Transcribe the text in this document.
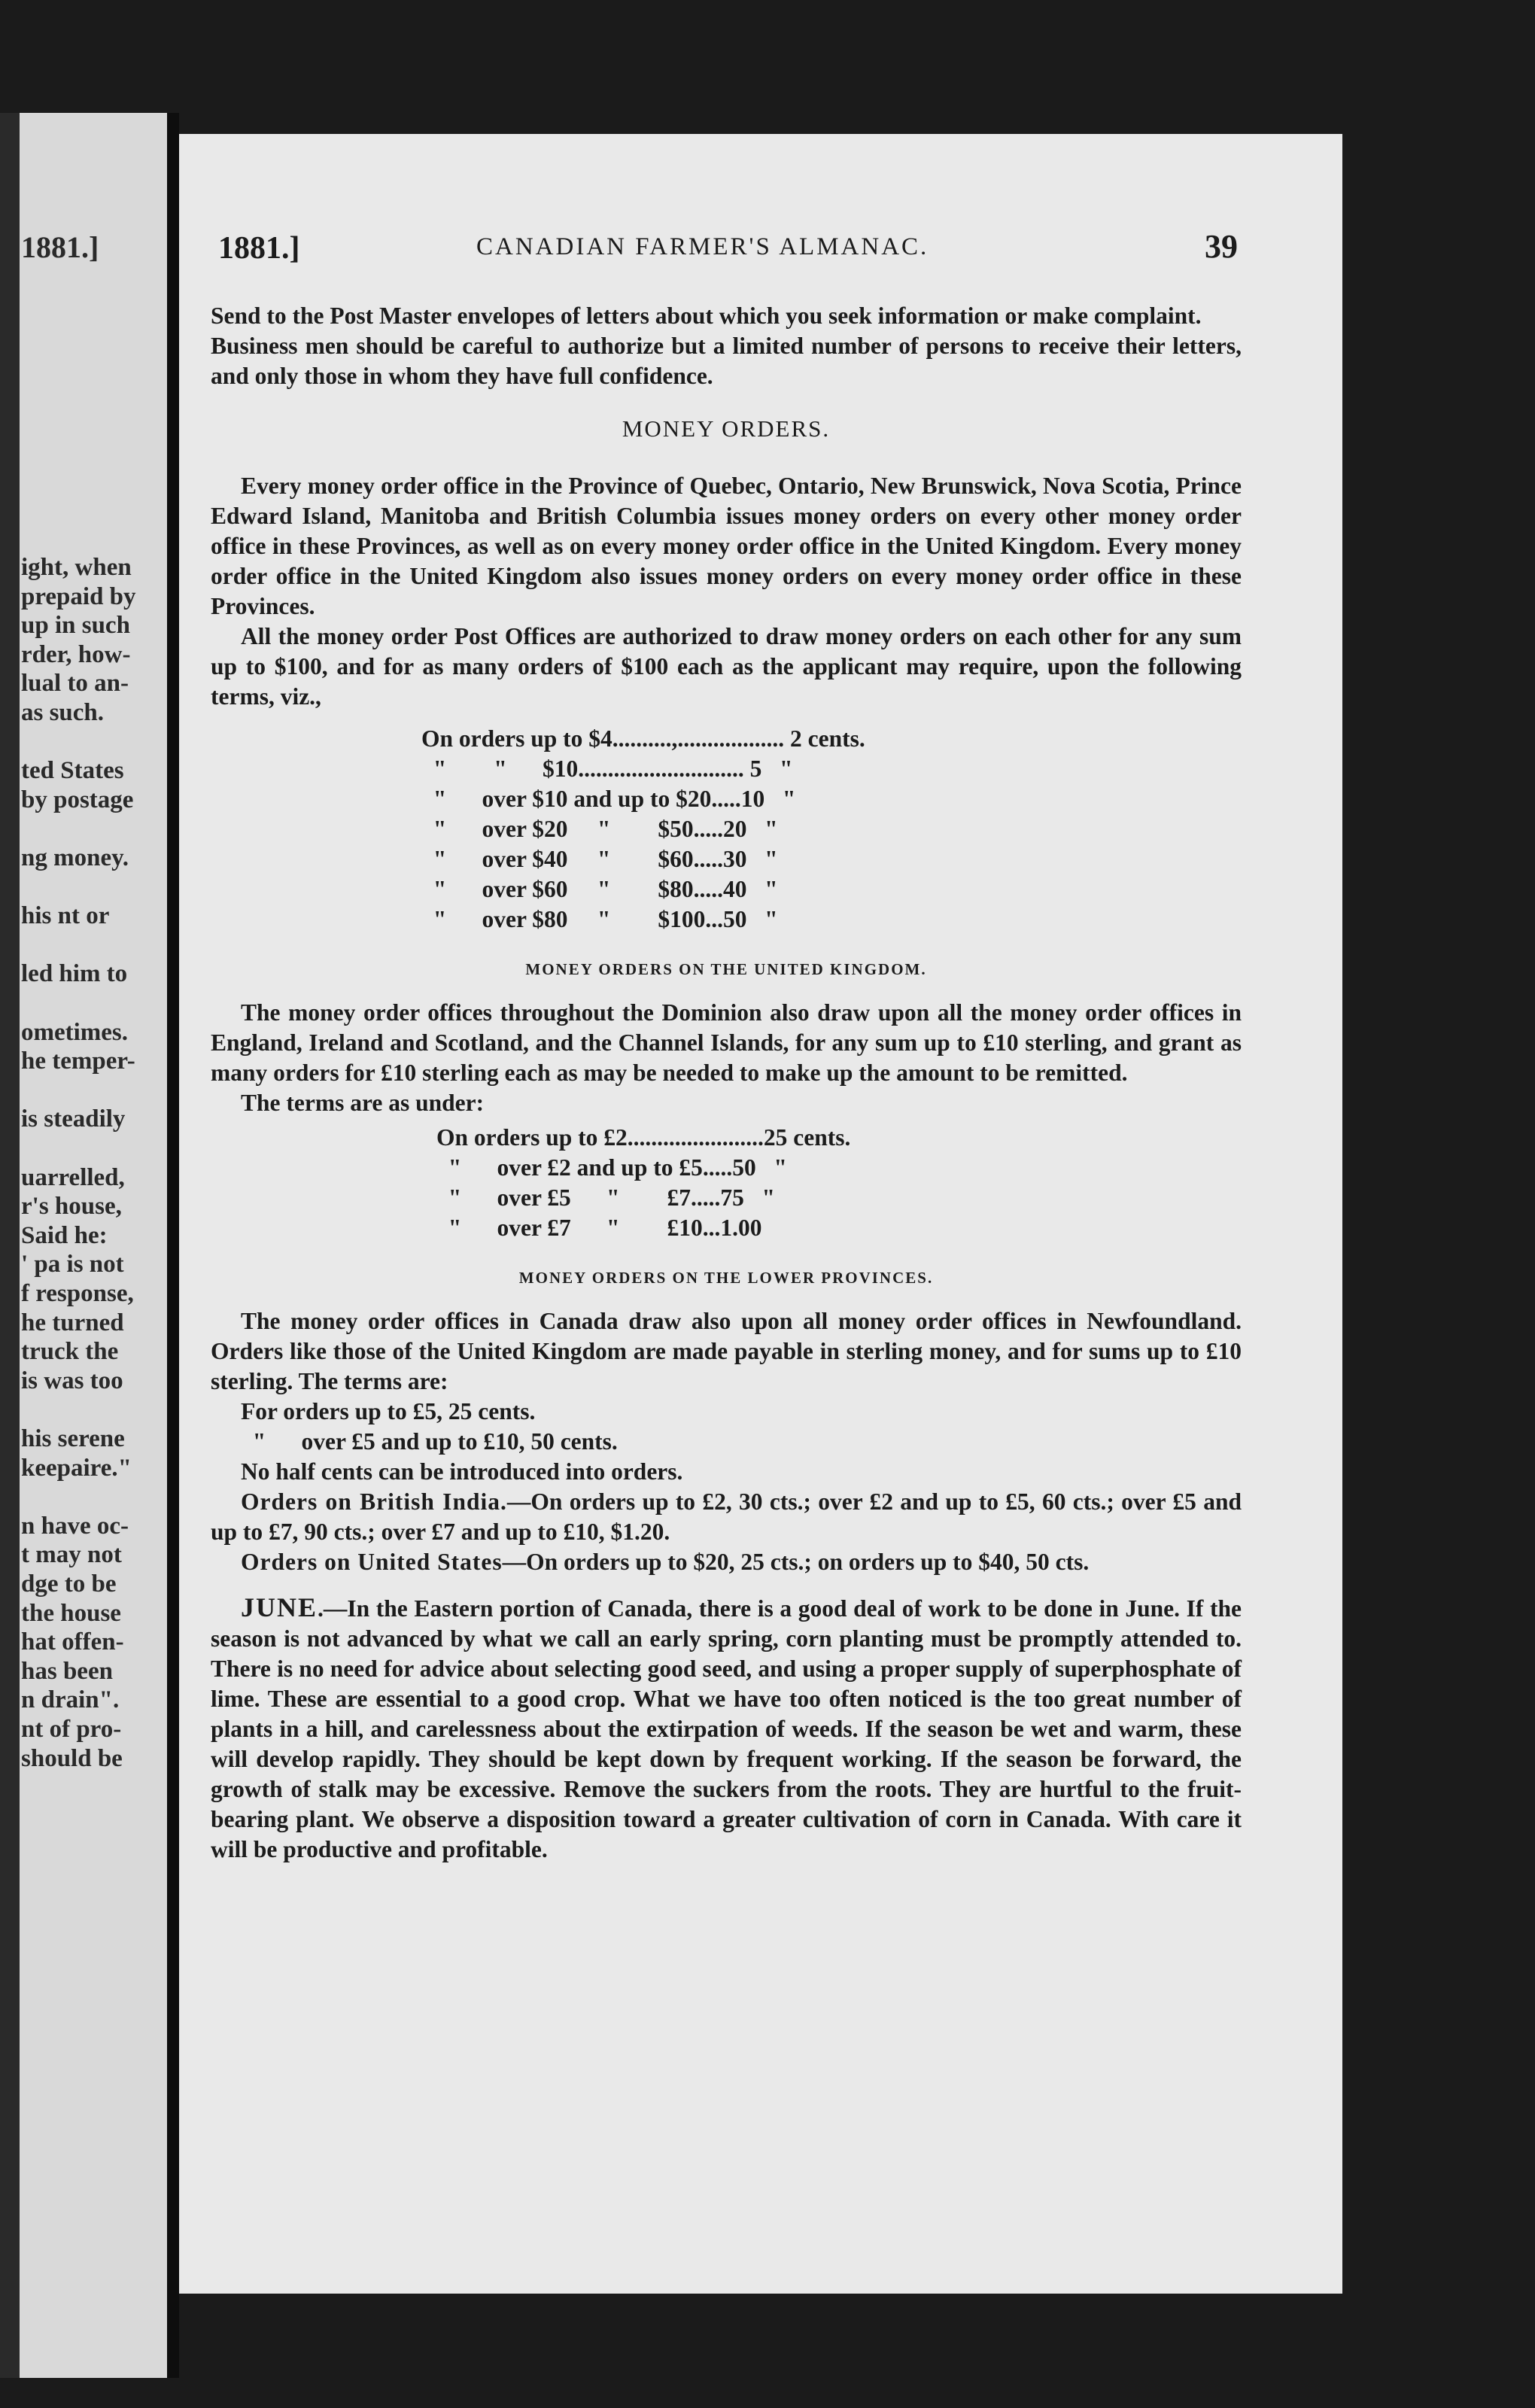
1881.]
ight, when
prepaid by
up in such
rder, how-
lual to an-
as such.
ted States
by postage
ng money.
his nt or
led him to
ometimes.
he temper-
is steadily
uarrelled,
r's house,
Said he:
' pa is not
f response,
he turned
truck the
is was too
his serene
keepaire."
n have oc-
t may not
dge to be
the house
hat offen-
has been
n drain".
nt of pro-
should be
1881.]	CANADIAN FARMER'S ALMANAC.	39

Send to the Post Master envelopes of letters about which you seek information or make complaint.

Business men should be careful to authorize but a limited number of persons to receive their letters, and only those in whom they have full confidence.

MONEY ORDERS.

Every money order office in the Province of Quebec, Ontario, New Brunswick, Nova Scotia, Prince Edward Island, Manitoba and British Columbia issues money orders on every other money order office in these Provinces, as well as on every money order office in the United Kingdom. Every money order office in the United Kingdom also issues money orders on every money order office in these Provinces.

All the money order Post Offices are authorized to draw money orders on each other for any sum up to $100, and for as many orders of $100 each as the applicant may require, upon the following terms, viz.,

On orders up to $4..........,.................. 2 cents.
"        "      $10............................ 5   "
"      over $10 and up to $20.....10   "
"      over $20     "        $50.....20   "
"      over $40     "        $60.....30   "
"      over $60     "        $80.....40   "
"      over $80     "        $100...50   "
MONEY ORDERS ON THE UNITED KINGDOM.

The money order offices throughout the Dominion also draw upon all the money order offices in England, Ireland and Scotland, and the Channel Islands, for any sum up to £10 sterling, and grant as many orders for £10 sterling each as may be needed to make up the amount to be remitted.

The terms are as under:

On orders up to £2.......................25 cents.
"      over £2 and up to £5.....50   "
"      over £5      "        £7.....75   "
"      over £7      "        £10...1.00
MONEY ORDERS ON THE LOWER PROVINCES.

The money order offices in Canada draw also upon all money order offices in Newfoundland. Orders like those of the United Kingdom are made payable in sterling money, and for sums up to £10 sterling. The terms are:

For orders up to £5, 25 cents.

"      over £5 and up to £10, 50 cents.

No half cents can be introduced into orders.

Orders on British India.—On orders up to £2, 30 cts.; over £2 and up to £5, 60 cts.; over £5 and up to £7, 90 cts.; over £7 and up to £10, $1.20.

Orders on United States—On orders up to $20, 25 cts.; on orders up to $40, 50 cts.

JUNE.—In the Eastern portion of Canada, there is a good deal of work to be done in June. If the season is not advanced by what we call an early spring, corn planting must be promptly attended to. There is no need for advice about selecting good seed, and using a proper supply of superphosphate of lime. These are essential to a good crop. What we have too often noticed is the too great number of plants in a hill, and carelessness about the extirpation of weeds. If the season be wet and warm, these will develop rapidly. They should be kept down by frequent working. If the season be forward, the growth of stalk may be excessive. Remove the suckers from the roots. They are hurtful to the fruit-bearing plant. We observe a disposition toward a greater cultivation of corn in Canada. With care it will be productive and profitable.
